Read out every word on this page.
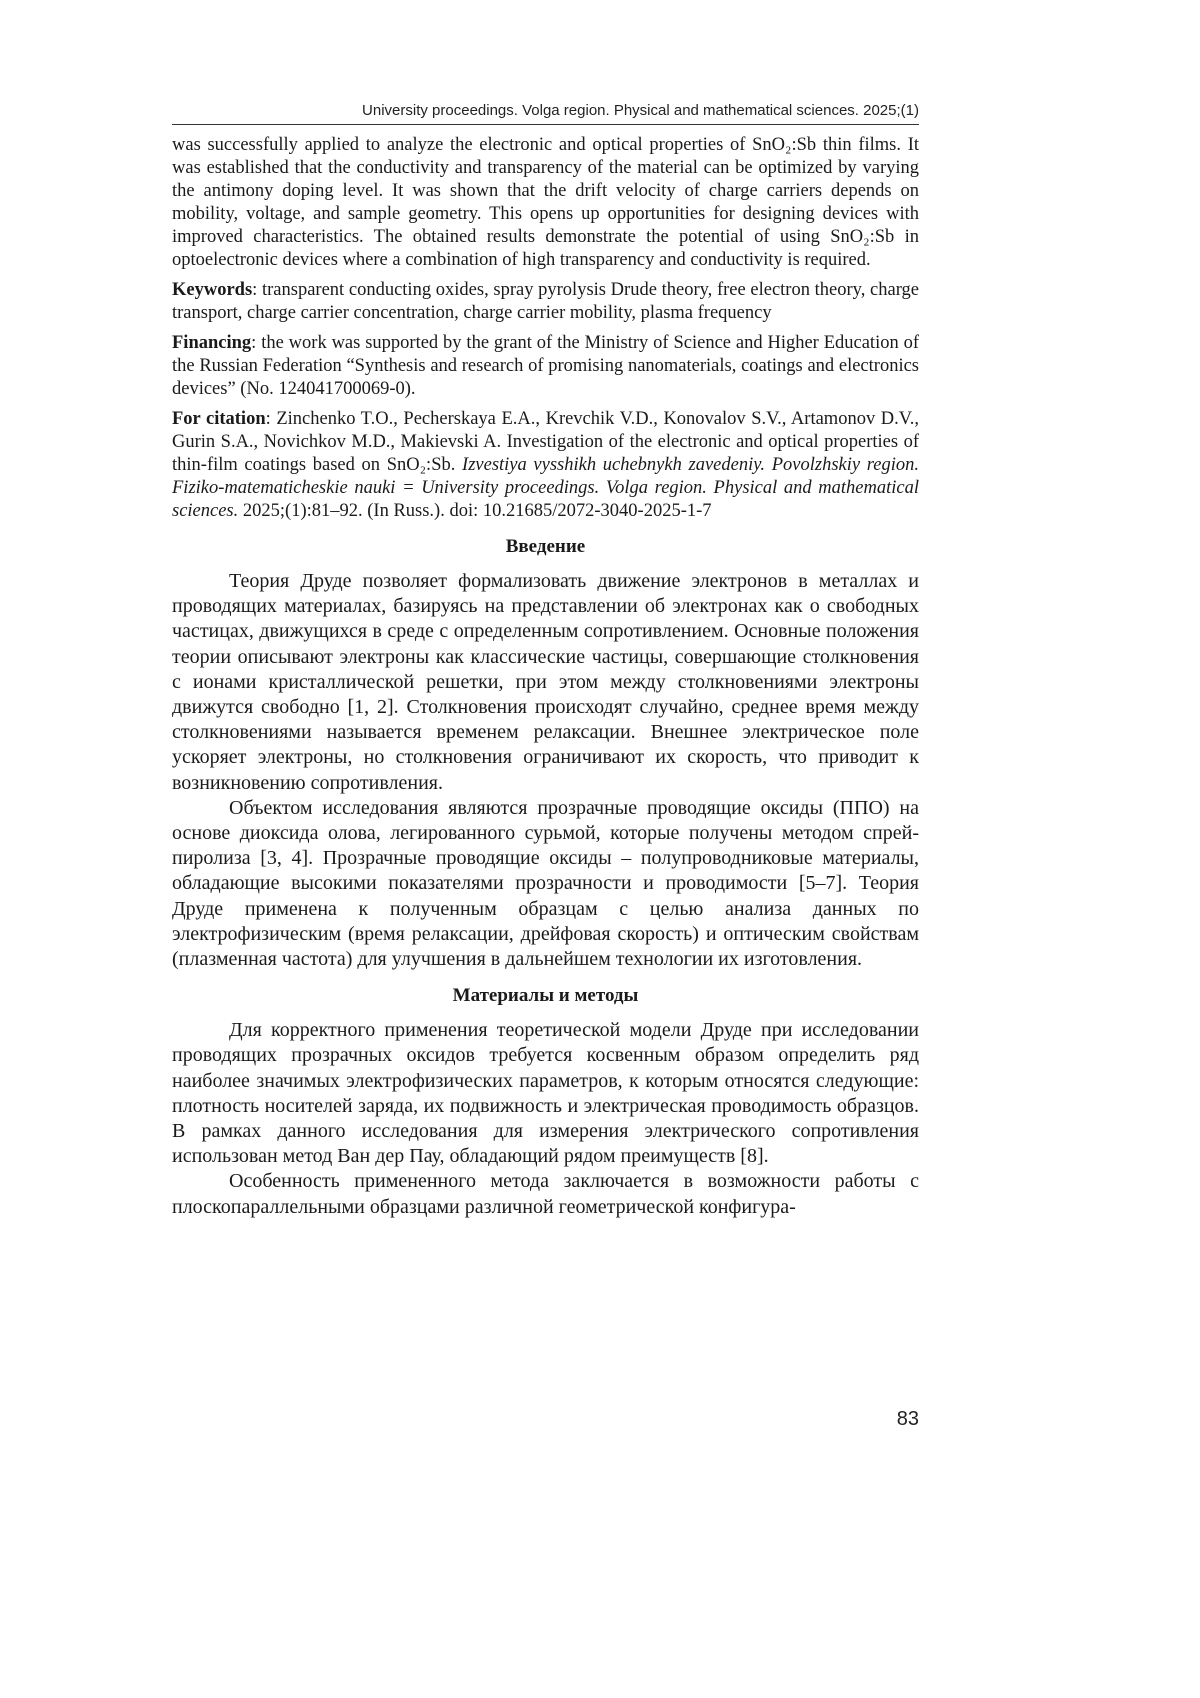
University proceedings. Volga region. Physical and mathematical sciences. 2025;(1)

was successfully applied to analyze the electronic and optical properties of SnO₂:Sb thin films. It was established that the conductivity and transparency of the material can be optimized by varying the antimony doping level. It was shown that the drift velocity of charge carriers depends on mobility, voltage, and sample geometry. This opens up opportunities for designing devices with improved characteristics. The obtained results demonstrate the potential of using SnO₂:Sb in optoelectronic devices where a combination of high transparency and conductivity is required.

Keywords: transparent conducting oxides, spray pyrolysis Drude theory, free electron theory, charge transport, charge carrier concentration, charge carrier mobility, plasma frequency

Financing: the work was supported by the grant of the Ministry of Science and Higher Education of the Russian Federation “Synthesis and research of promising nanomaterials, coatings and electronics devices” (No. 124041700069-0).

For citation: Zinchenko T.O., Pecherskaya E.A., Krevchik V.D., Konovalov S.V., Artamonov D.V., Gurin S.A., Novichkov M.D., Makievski A. Investigation of the electronic and optical properties of thin-film coatings based on SnO₂:Sb. Izvestiya vysshikh uchebnykh zavedeniy. Povolzhskiy region. Fiziko-matematicheskie nauki = University proceedings. Volga region. Physical and mathematical sciences. 2025;(1):81–92. (In Russ.). doi: 10.21685/2072-3040-2025-1-7

Введение

Теория Друде позволяет формализовать движение электронов в металлах и проводящих материалах, базируясь на представлении об электронах как о свободных частицах, движущихся в среде с определенным сопротивлением. Основные положения теории описывают электроны как классические частицы, совершающие столкновения с ионами кристаллической решетки, при этом между столкновениями электроны движутся свободно [1, 2]. Столкновения происходят случайно, среднее время между столкновениями называется временем релаксации. Внешнее электрическое поле ускоряет электроны, но столкновения ограничивают их скорость, что приводит к возникновению сопротивления.

Объектом исследования являются прозрачные проводящие оксиды (ППО) на основе диоксида олова, легированного сурьмой, которые получены методом спрей-пиролиза [3, 4]. Прозрачные проводящие оксиды – полупроводниковые материалы, обладающие высокими показателями прозрачности и проводимости [5–7]. Теория Друде применена к полученным образцам с целью анализа данных по электрофизическим (время релаксации, дрейфовая скорость) и оптическим свойствам (плазменная частота) для улучшения в дальнейшем технологии их изготовления.

Материалы и методы

Для корректного применения теоретической модели Друде при исследовании проводящих прозрачных оксидов требуется косвенным образом определить ряд наиболее значимых электрофизических параметров, к которым относятся следующие: плотность носителей заряда, их подвижность и электрическая проводимость образцов. В рамках данного исследования для измерения электрического сопротивления использован метод Ван дер Пау, обладающий рядом преимуществ [8].

Особенность примененного метода заключается в возможности работы с плоскопараллельными образцами различной геометрической конфигура-

83
